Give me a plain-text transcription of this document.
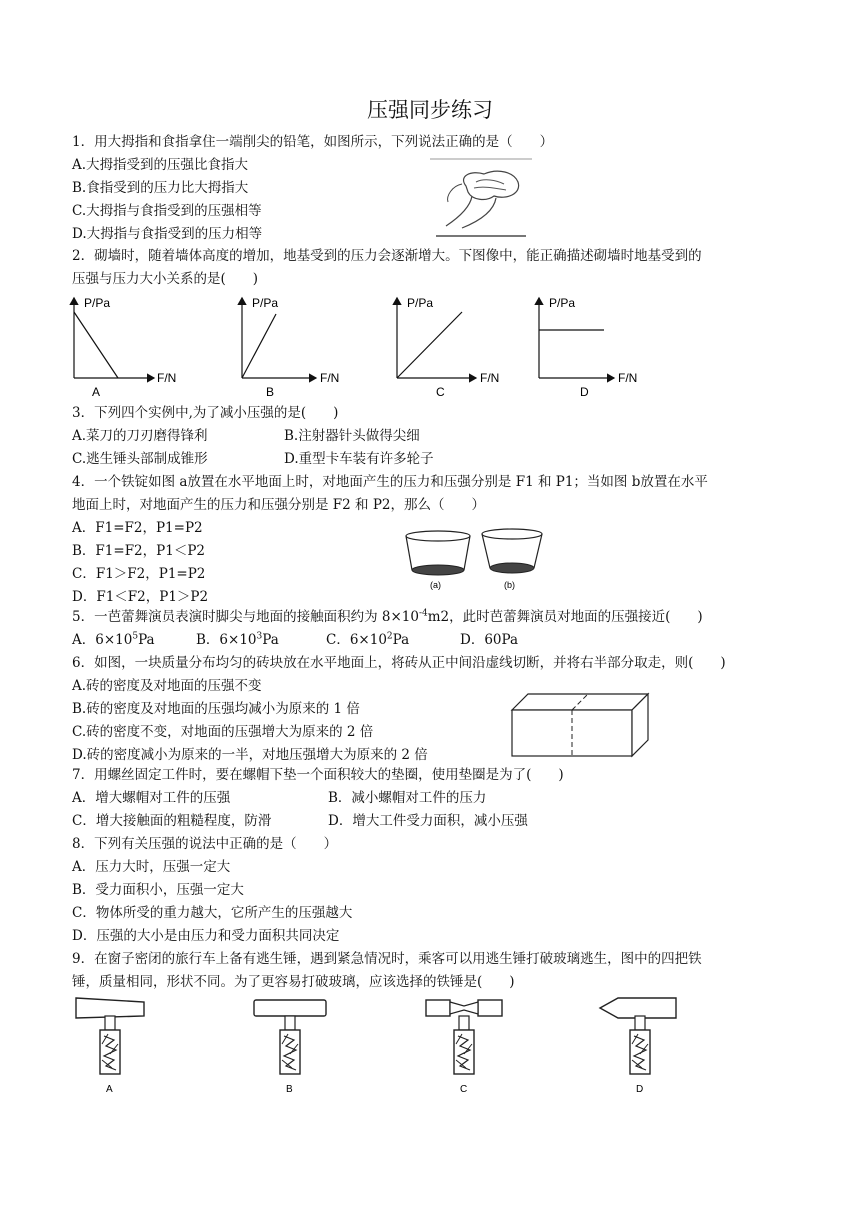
压强同步练习
1．用大拇指和食指拿住一端削尖的铅笔，如图所示，下列说法正确的是（　　）
A.大拇指受到的压强比食指大
B.食指受到的压力比大拇指大
C.大拇指与食指受到的压强相等
D.大拇指与食指受到的压力相等
2．砌墙时，随着墙体高度的增加，地基受到的压力会逐渐增大。下图像中，能正确描述砌墙时地基受到的
压强与压力大小关系的是(　　)
P/Pa
F/N
A
P/Pa
F/N
B
P/Pa
F/N
C
P/Pa
F/N
D
3．下列四个实例中,为了减小压强的是(　　)
A.菜刀的刀刃磨得锋利	B.注射器针头做得尖细
C.逃生锤头部制成锥形	D.重型卡车装有许多轮子
4．一个铁锭如图 a放置在水平地面上时，对地面产生的压力和压强分别是 F1 和 P1；当如图 b放置在水平
地面上时，对地面产生的压力和压强分别是 F2 和 P2，那么（　　）
A．F1=F2，P1=P2
B．F1=F2，P1＜P2
C．F1＞F2，P1=P2
D．F1＜F2，P1＞P2
(a)	(b)
5．一芭蕾舞演员表演时脚尖与地面的接触面积约为 $8\times 10^{-4}m2$，此时芭蕾舞演员对地面的压强接近(　　)
A．$6\times 10^5Pa$	B．$6\times 10^3Pa$	C．$6\times 10^2Pa$	D．60Pa
6．如图，一块质量分布均匀的砖块放在水平地面上，将砖从正中间沿虚线切断，并将右半部分取走，则(　　)
A.砖的密度及对地面的压强不变
B.砖的密度及对地面的压强均减小为原来的 1 倍
C.砖的密度不变，对地面的压强增大为原来的 2 倍
D.砖的密度减小为原来的一半，对地压强增大为原来的 2 倍
7．用螺丝固定工件时，要在螺帽下垫一个面积较大的垫圈，使用垫圈是为了(　　)
A．增大螺帽对工件的压强	B．减小螺帽对工件的压力
C．增大接触面的粗糙程度，防滑	D．增大工件受力面积，减小压强
8．下列有关压强的说法中正确的是（　　）
A．压力大时，压强一定大
B．受力面积小，压强一定大
C．物体所受的重力越大，它所产生的压强越大
D．压强的大小是由压力和受力面积共同决定
9．在窗子密闭的旅行车上备有逃生锤，遇到紧急情况时，乘客可以用逃生锤打破玻璃逃生，图中的四把铁
锤，质量相同，形状不同。为了更容易打破玻璃，应该选择的铁锤是(　　)
A	B	C	D
